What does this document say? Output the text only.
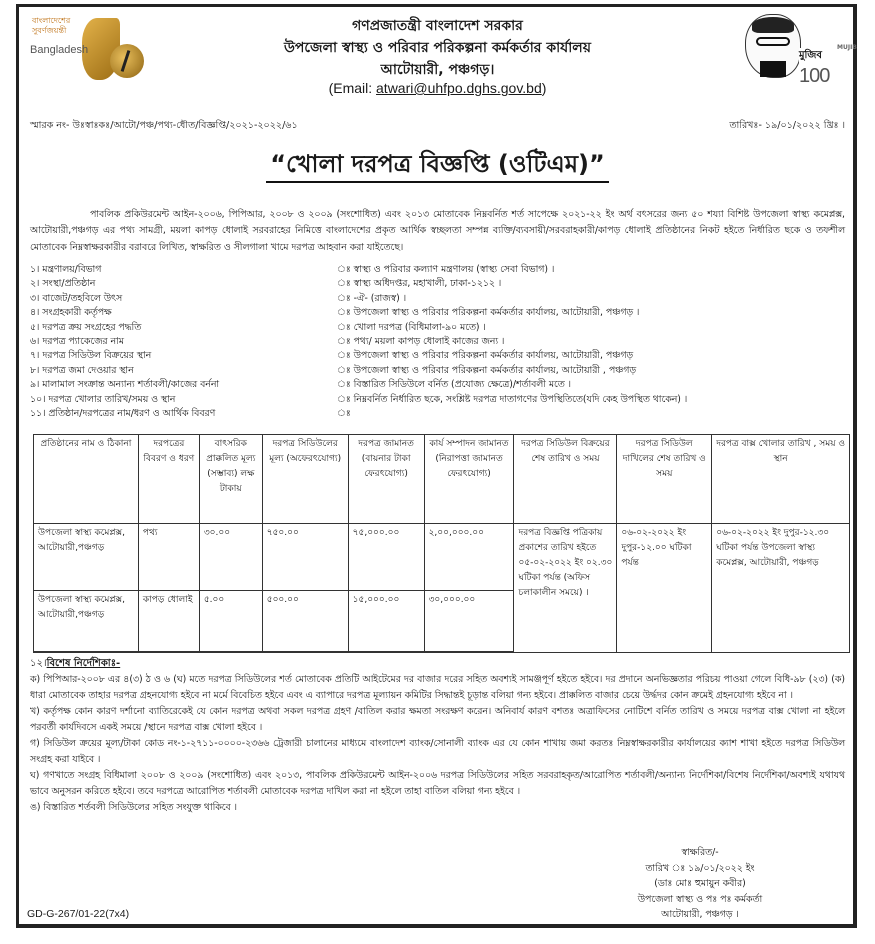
বাংলাদেশের সুবর্ণজয়ন্তী
Bangladesh	মুজিব 100
MUJIB
গণপ্রজাতন্ত্রী বাংলাদেশ সরকার
উপজেলা স্বাস্থ্য ও পরিবার পরিকল্পনা কর্মকর্তার কার্যালয়
আটোয়ারী, পঞ্চগড়।
(Email: atwari@uhfpo.dghs.gov.bd)
স্মারক নং- উঃস্বাঃকঃ/আটো/পঞ্চ/পথ্য-ধৌত/বিজ্ঞপ্তি/২০২১-২০২২/৬১	তারিখঃ- ১৯/০১/২০২২ খ্রিঃ ।
“খোলা দরপত্র বিজ্ঞপ্তি (ওটিএম)”
পাবলিক প্রকিউরমেন্ট আইন-২০০৬, পিপিআর, ২০০৮ ও ২০০৯ (সংশোধিত) এবং ২০১৩ মোতাবেক নিম্নবর্নিত শর্ত সাপেক্ষে ২০২১-২২ ইং অর্থ বৎসরের জন্য ৫০ শয্যা বিশিষ্ট উপজেলা স্বাস্থ্য কমেপ্লক্স, আটোয়ারী,পঞ্চগড় এর পথ্য সামগ্রী, ময়লা কাপড় ধোলাই সরবরাহের নিমিত্তে বাংলাদেশের প্রকৃত আর্থিক স্বচ্ছলতা সম্পন্ন ব্যক্তি/ব্যবসায়ী/সরবরাহকারী/কাপড় ধোলাই প্রতিষ্ঠানের নিকট হইতে নির্ধারিত ছকে ও তফশীল মোতাবেক নিম্নস্বাক্ষরকারীর বরাবরে লিখিত, স্বাক্ষরিত ও সীলগালা খামে দরপত্র আহবান করা যাইতেছে।
১। মন্ত্রণালয়/বিভাগ	ঃ স্বাস্থ্য ও পরিবার কল্যাণ মন্ত্রণালয় (স্বাস্থ্য সেবা বিভাগ) ।
২। সংস্থা/প্রতিষ্ঠান	ঃ স্বাস্থ্য অধিদপ্তর, মহাখালী, ঢাকা-১২১২ ।
৩। বাজেট/তহবিলে উৎস	ঃ -ঐ- (রাজস্ব) ।
৪। সংগ্রহকারী কর্তৃপক্ষ	ঃ উপজেলা স্বাস্থ্য ও পরিবার পরিকল্পনা কর্মকর্তার কার্যালয়, আটোয়ারী, পঞ্চগড় ।
৫। দরপত্র ক্রয় সংগ্রহের পদ্ধতি	ঃ খোলা দরপত্র (বিধিমালা-৯০ মতে) ।
৬। দরপত্র প্যাকেজের নাম	ঃ পথ্য/ ময়লা কাপড় ধোলাই কাজের জন্য ।
৭। দরপত্র সিডিউল বিক্রয়ের স্থান	ঃ উপজেলা স্বাস্থ্য ও পরিবার পরিকল্পনা কর্মকর্তার কার্যালয়, আটোয়ারী, পঞ্চগড়
৮। দরপত্র জমা দেওয়ার স্থান	ঃ উপজেলা স্বাস্থ্য ও পরিবার পরিকল্পনা কর্মকর্তার কার্যালয়, আটোয়ারী , পঞ্চগড়
৯। মালামাল সংক্রান্ত অন্যান্য শর্তাবলী/কাজের বর্ননা	ঃ বিস্তারিত সিডিউলে বর্নিত (প্রযোজ্য ক্ষেত্রে)/শর্তাবলী মতে ।
১০। দরপত্র খোলার তারিখ/সময় ও স্থান	ঃ নিম্নবর্নিত নির্ধারিত ছকে, সংশ্লিষ্ট দরপত্র দাতাগণের উপস্থিতিতে(যদি কেহ উপস্থিত থাকেন) ।
১১। প্রতিষ্ঠান/দরপত্রের নাম/ধরণ ও আর্থিক বিবরণ	ঃ
প্রতিষ্ঠানের নাম ও ঠিকানা	দরপত্রের বিবরণ ও ধরণ	বাৎসরিক প্রাক্কলিত মূল্য (সম্ভাব্য) লক্ষ টাকায়	দরপত্র সিডিউলের মূল্য (অফেরৎযোগ্য)	দরপত্র জামানত (বায়নার টাকা ফেরৎযোগ্য)	কার্য সম্পাদন জামানত (নিরাপত্তা জামানত ফেরৎযোগ্য)	দরপত্র সিডিউল বিক্রয়ের শেষ তারিখ ও সময়	দরপত্র সিডিউল দাখিলের শেষ তারিখ ও সময়	দরপত্র বাক্স খোলার তারিখ , সময় ও স্থান
উপজেলা স্বাস্থ্য কমেপ্লক্স, আটোয়ারী,পঞ্চগড়	পথ্য	৩০.০০	৭৫০.০০	৭৫,০০০.০০	২,০০,০০০.০০	দরপত্র বিজ্ঞপ্তি পত্রিকায় প্রকাশের তারিখ হইতে ০৫-০২-২০২২ ইং ০২.৩০ ঘটিকা পর্যন্ত (অফিস চলাকালীন সময়ে) ।	০৬-০২-২০২২ ইং দুপুর-১২.০০ ঘটিকা পর্যন্ত	০৬-০২-২০২২ ইং দুপুর-১২.৩০ ঘটিকা পর্যন্ত উপজেলা স্বাস্থ্য কমেপ্লক্স, আটোয়ারী, পঞ্চগড়
উপজেলা স্বাস্থ্য কমেপ্লক্স, আটোয়ারী,পঞ্চগড়	কাপড় ধোলাই	৫.০০	৫০০.০০	১৫,০০০.০০	৩০,০০০.০০			
১২।বিশেষ নির্দেশিকাঃ-

ক) পিপিআর-২০০৮ এর ৪(৩) ঠ ও ৬ (ঘ) মতে দরপত্র সিডিউলের শর্ত মোতাবেক প্রতিটি আইটেমের দর বাজার দরের সহিত অবশ্যই সামঞ্জপূর্ণ হইতে হইবে। দর প্রদানে অনভিজ্ঞতার পরিচয় পাওয়া গেলে বিধি-৯৮ (২৩) (ক) ধারা মোতাবেক তাহার দরপত্র গ্রহনযোগ্য হইবে না মর্মে বিবেচিত হইবে এবং এ ব্যাপারে দরপত্র মূল্যায়ন কমিটির সিদ্ধান্তই চূড়ান্ত বলিয়া গন্য হইবে। প্রাক্কলিত বাজার চেয়ে উর্দ্ধদর কোন ক্রমেই গ্রহনযোগ্য হইবে না ।

খ) কর্তৃপক্ষ কোন কারণ দর্শানো ব্যাতিরেকেই যে কোন দরপত্র অথবা সকল দরপত্র গ্রহণ /বাতিল করার ক্ষমতা সংরক্ষণ করেন। অনিবার্য কারণ বশতঃ অত্রাফিসের নোটিশে বর্নিত তারিখ ও সময়ে দরপত্র বাক্স খোলা না হইলে পরবর্তী কার্যদিবসে একই সময়ে /স্থানে দরপত্র বাক্স খোলা হইবে ।

গ) সিডিউল ক্রয়ের মূল্য/টাকা কোড নং-১-২৭১১-০০০০-২৩৬৬ ট্রেজারী চালানের মাধ্যমে বাংলাদেশ ব্যাংক/সোনালী ব্যাংক এর যে কোন শাখায় জমা করতঃ নিম্নস্বাক্ষরকারীর কার্যালয়ের ক্যাশ শাখা হইতে দরপত্র সিডিউল সংগ্রহ করা যাইবে ।

ঘ) গণখাতে সংগ্রহ বিধিমালা ২০০৮ ও ২০০৯ (সংশোধিত) এবং ২০১৩, পাবলিক প্রকিউরমেন্ট আইন-২০০৬ দরপত্র সিডিউলের সহিত সরবরাহকৃত/আরোপিত শর্তাবলী/অন্যান্য নির্দেশিকা/বিশেষ নির্দেশিকা/অবশ্যই যথাযথ ভাবে অনুসরন করিতে হইবে। তবে দরপত্রে আরোপিত শর্তাবলী মোতাবেক দরপত্র দাখিল করা না হইলে তাহা বাতিল বলিয়া গন্য হইবে ।

ঙ) বিস্তারিত শর্তবলী সিডিউলের সহিত সংযুক্ত থাকিবে ।

স্বাক্ষরিত/-
তারিখ ঃ ১৯/০১/২০২২ ইং
(ডাঃ মোঃ হুমায়ুন কবীর)
উপজেলা স্বাস্থ্য ও পঃ পঃ কর্মকর্তা
আটোয়ারী, পঞ্চগড় ।
GD-G-267/01-22(7x4)
